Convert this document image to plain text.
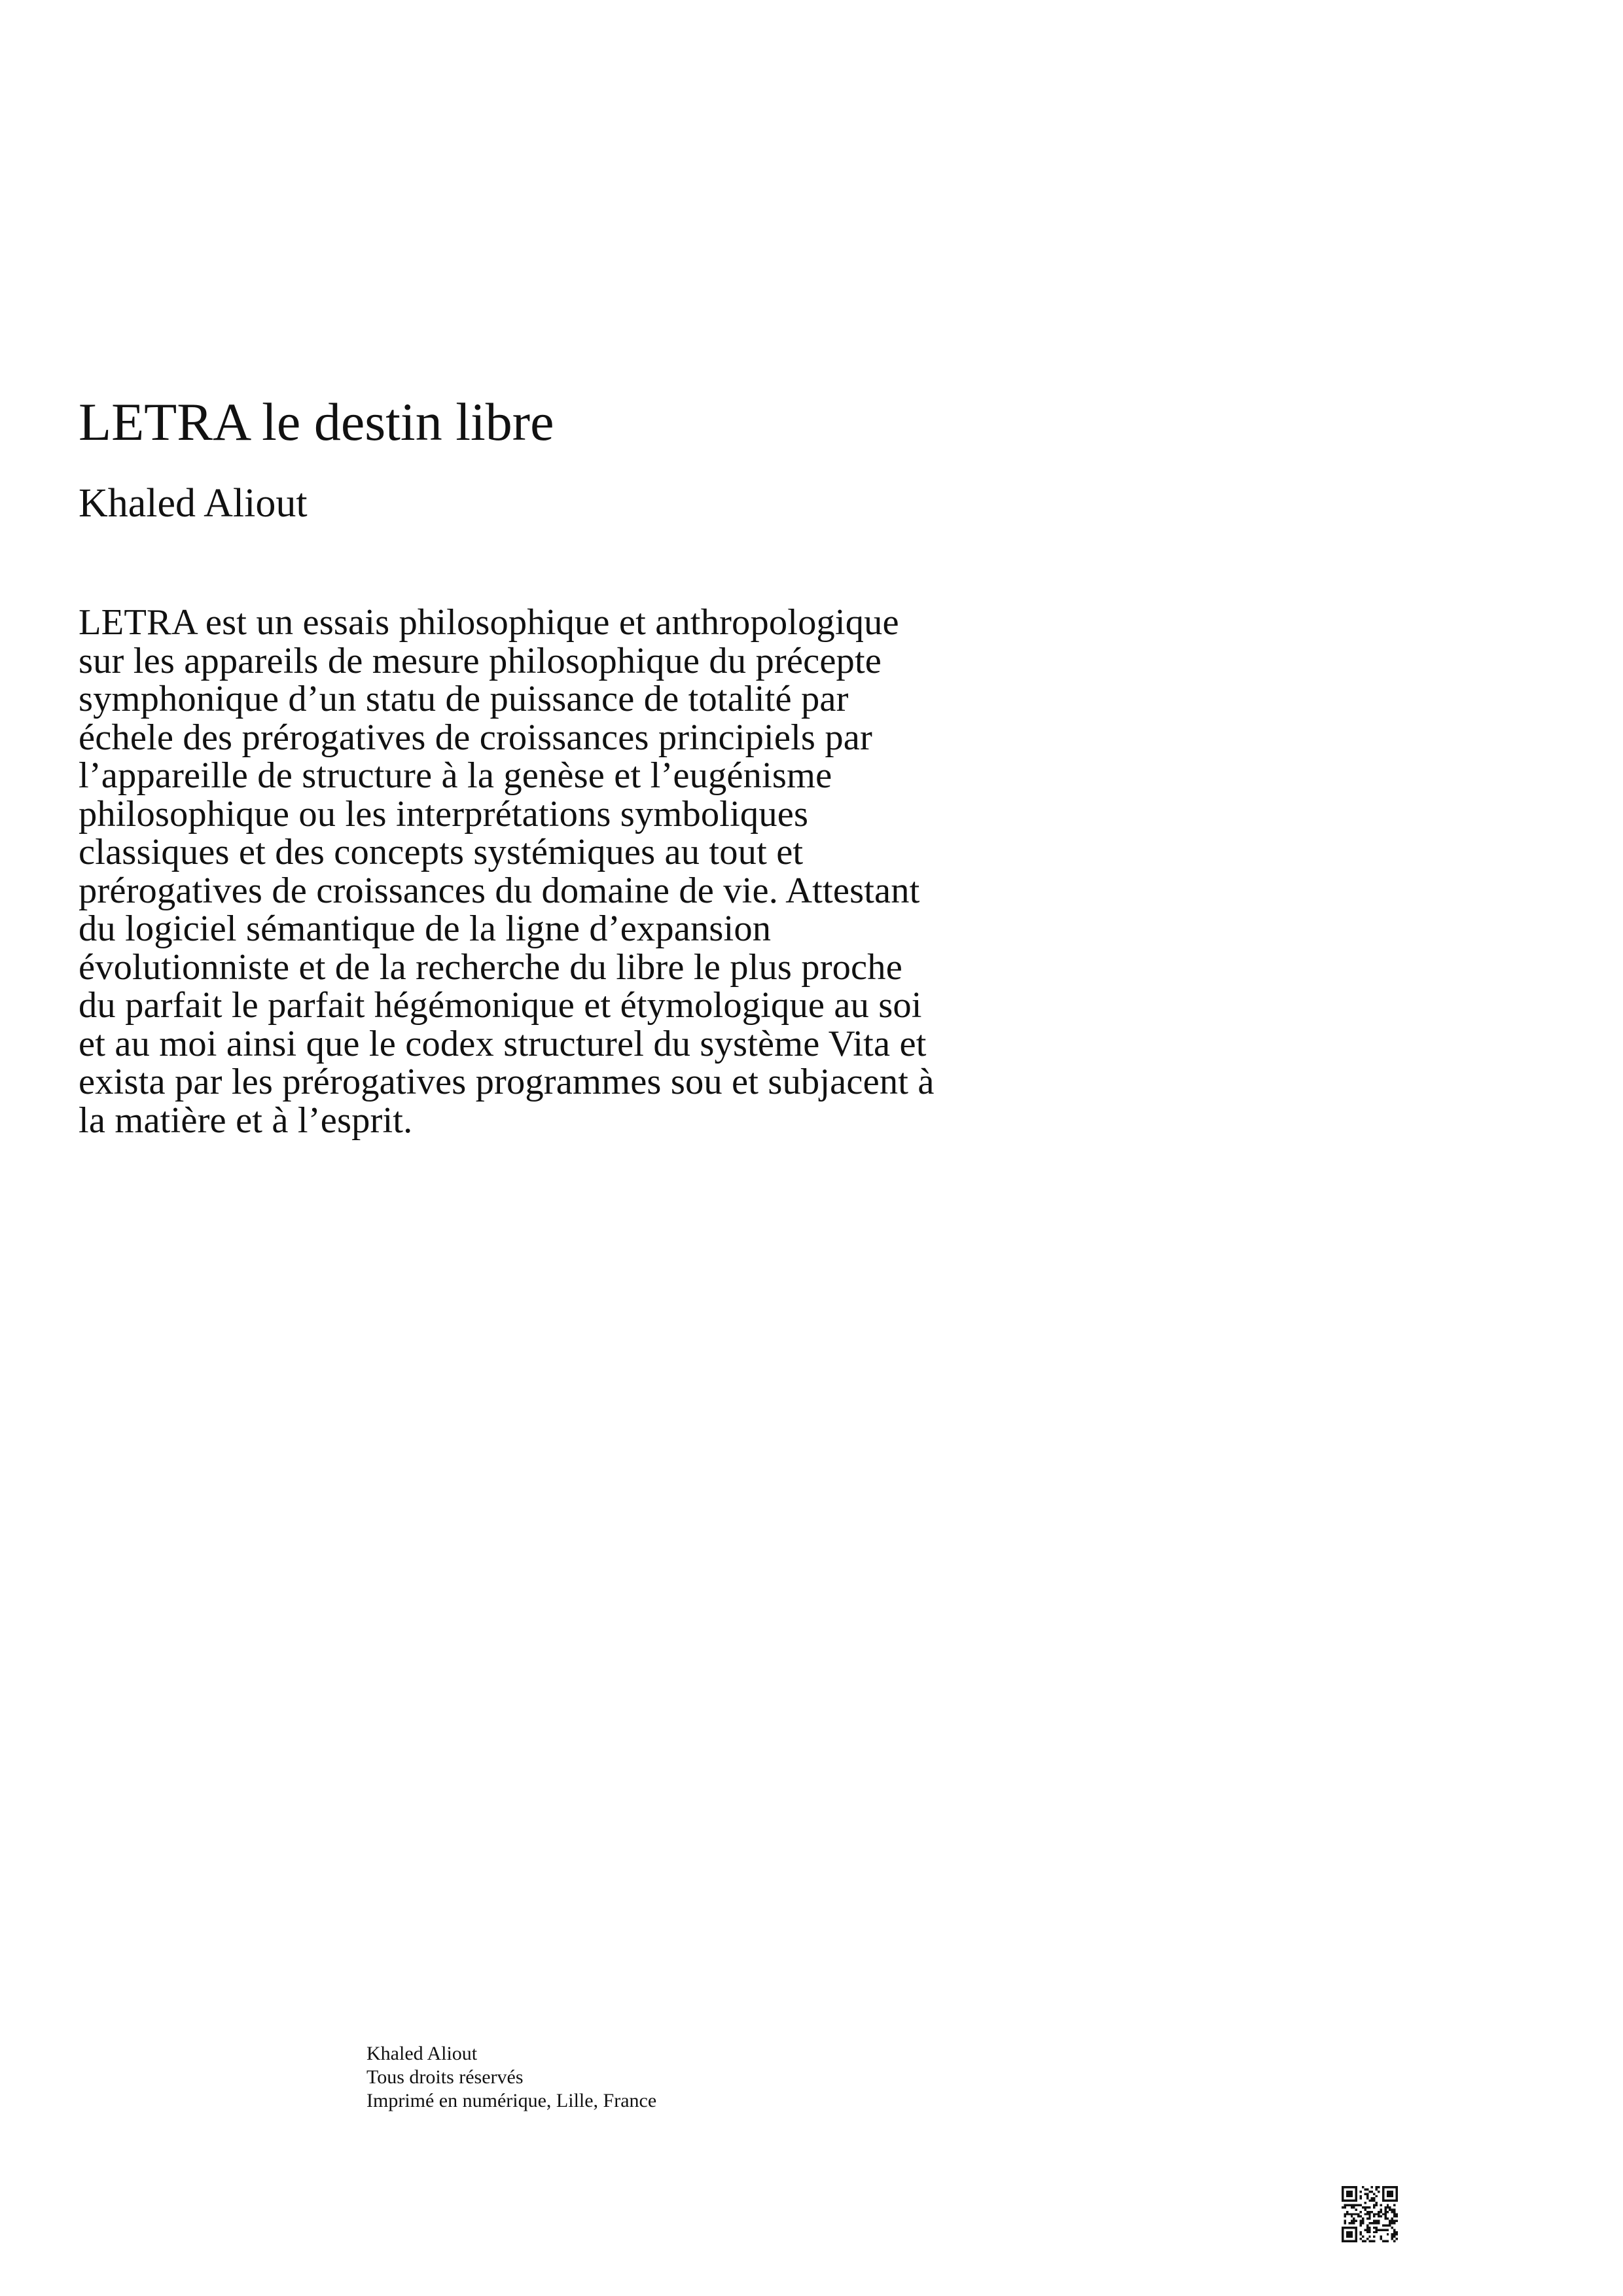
LETRA le destin libre
Khaled Aliout
LETRA est un essais philosophique et anthropologique
sur les appareils de mesure philosophique du précepte
symphonique d’un statu de puissance de totalité par
échele des prérogatives de croissances principiels par
l’appareille de structure à la genèse et l’eugénisme
philosophique ou les interprétations symboliques
classiques et des concepts systémiques au tout et
prérogatives de croissances du domaine de vie. Attestant
du logiciel sémantique de la ligne d’expansion
évolutionniste et de la recherche du libre le plus proche
du parfait le parfait hégémonique et étymologique au soi
et au moi ainsi que le codex structurel du système Vita et
exista par les prérogatives programmes sou et subjacent à
la matière et à l’esprit.
Khaled Aliout
Tous droits réservés
Imprimé en numérique, Lille, France
